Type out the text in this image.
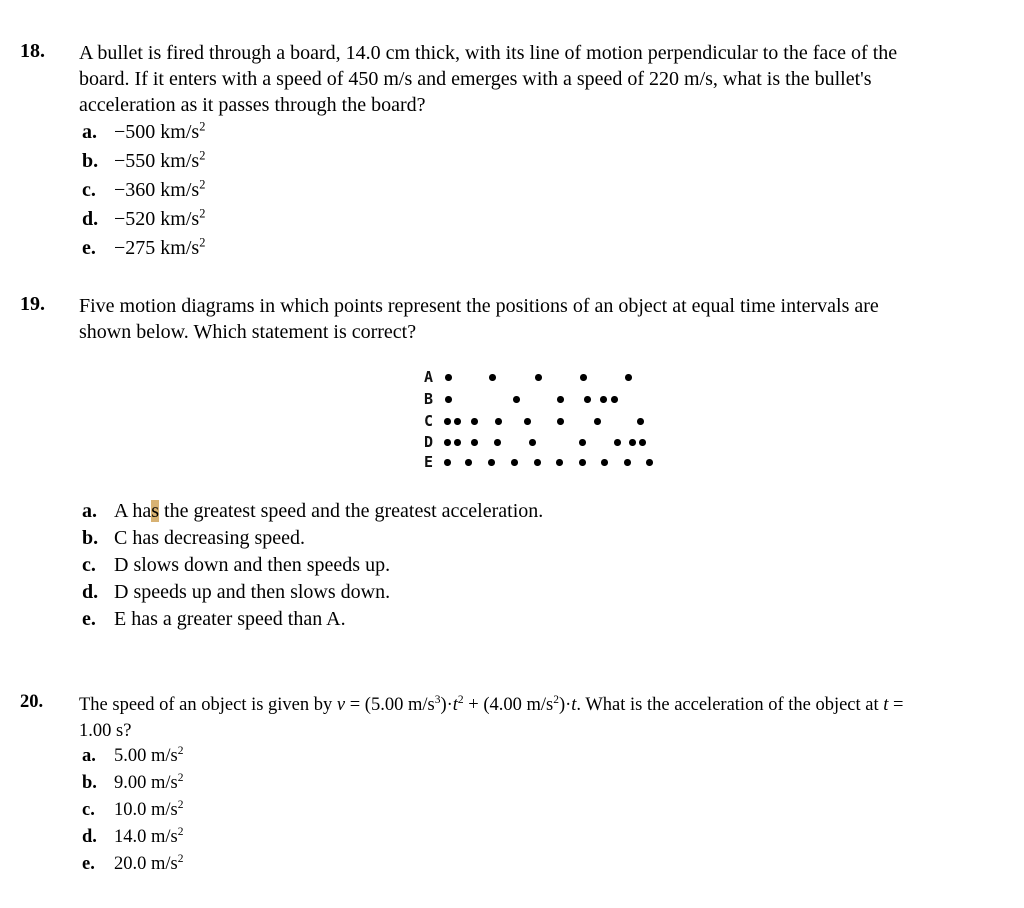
18. A bullet is fired through a board, 14.0 cm thick, with its line of motion perpendicular to the face of the
board. If it enters with a speed of 450 m/s and emerges with a speed of 220 m/s, what is the bullet's
acceleration as it passes through the board?
a. −500 $km/s^2$
b. −550 $km/s^2$
c. −360 $km/s^2$
d. −520 $km/s^2$
e. −275 $km/s^2$
19. Five motion diagrams in which points represent the positions of an object at equal time intervals are
shown below. Which statement is correct?
A
B
C
D
E
a. A has the greatest speed and the greatest acceleration.
b. C has decreasing speed.
c. D slows down and then speeds up.
d. D speeds up and then slows down.
e. E has a greater speed than A.
20. The speed of an object is given by v = (5.00 $m/s^3)\cdot t^2 + (4.00$ $m/s^2)\cdot t$. What is the acceleration of the object at t =
1.00 s?
a. 5.00 $m/s^2$
b. 9.00 $m/s^2$
c.	10.0 $m/s^2$
d. 14.0 $m/s^2$
e.	20.0 $m/s^2$
